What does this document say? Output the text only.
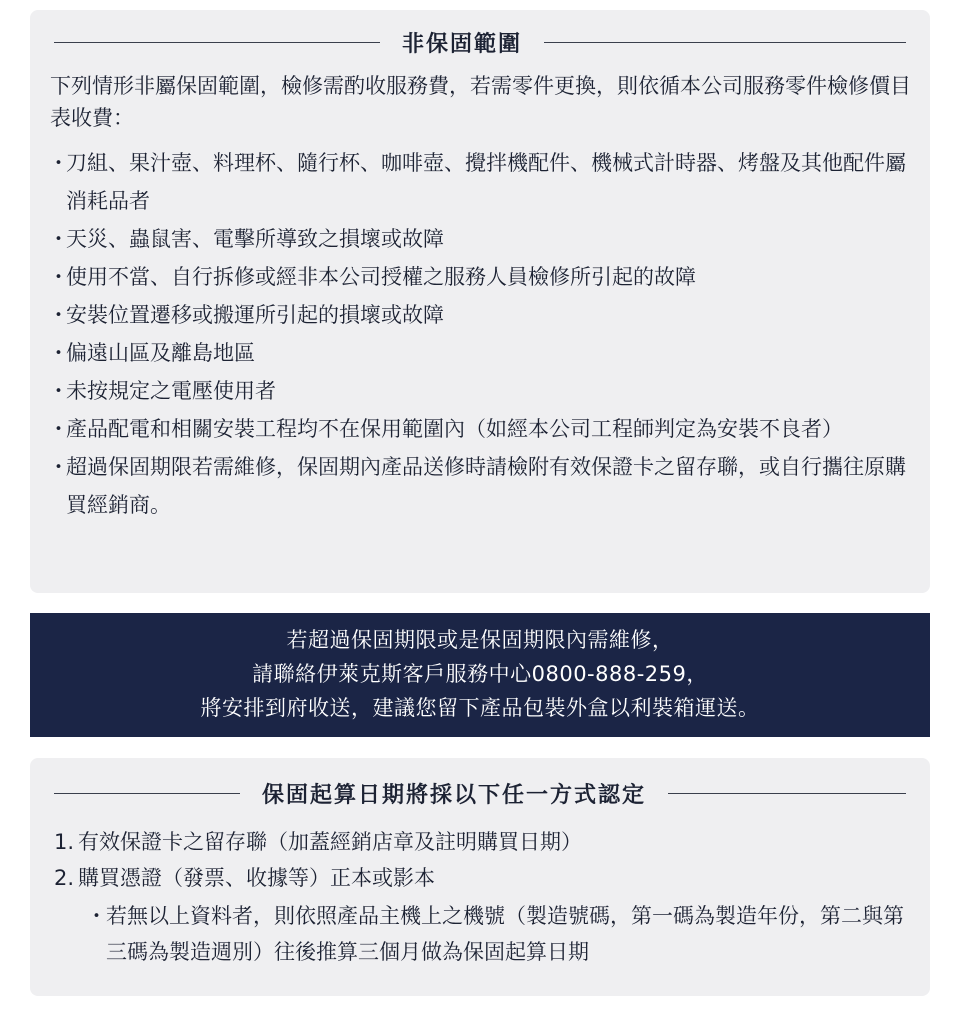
非保固範圍
下列情形非屬保固範圍，檢修需酌收服務費，若需零件更換，則依循本公司服務零件檢修價目表收費：
・
刀組、果汁壺、料理杯、隨行杯、咖啡壺、攪拌機配件、機械式計時器、烤盤及其他配件屬消耗品者
・
天災、蟲鼠害、電擊所導致之損壞或故障
・
使用不當、自行拆修或經非本公司授權之服務人員檢修所引起的故障
・
安裝位置遷移或搬運所引起的損壞或故障
・
偏遠山區及離島地區
・
未按規定之電壓使用者
・
產品配電和相關安裝工程均不在保用範圍內（如經本公司工程師判定為安裝不良者）
・
超過保固期限若需維修，保固期內產品送修時請檢附有效保證卡之留存聯，或自行攜往原購買經銷商。
若超過保固期限或是保固期限內需維修，
請聯絡伊萊克斯客戶服務中心0800-888-259，
將安排到府收送，建議您留下產品包裝外盒以利裝箱運送。
保固起算日期將採以下任一方式認定
1. 有效保證卡之留存聯（加蓋經銷店章及註明購買日期）
2. 購買憑證（發票、收據等）正本或影本
・ 若無以上資料者，則依照產品主機上之機號（製造號碼，第一碼為製造年份，第二與第三碼為製造週別）往後推算三個月做為保固起算日期
